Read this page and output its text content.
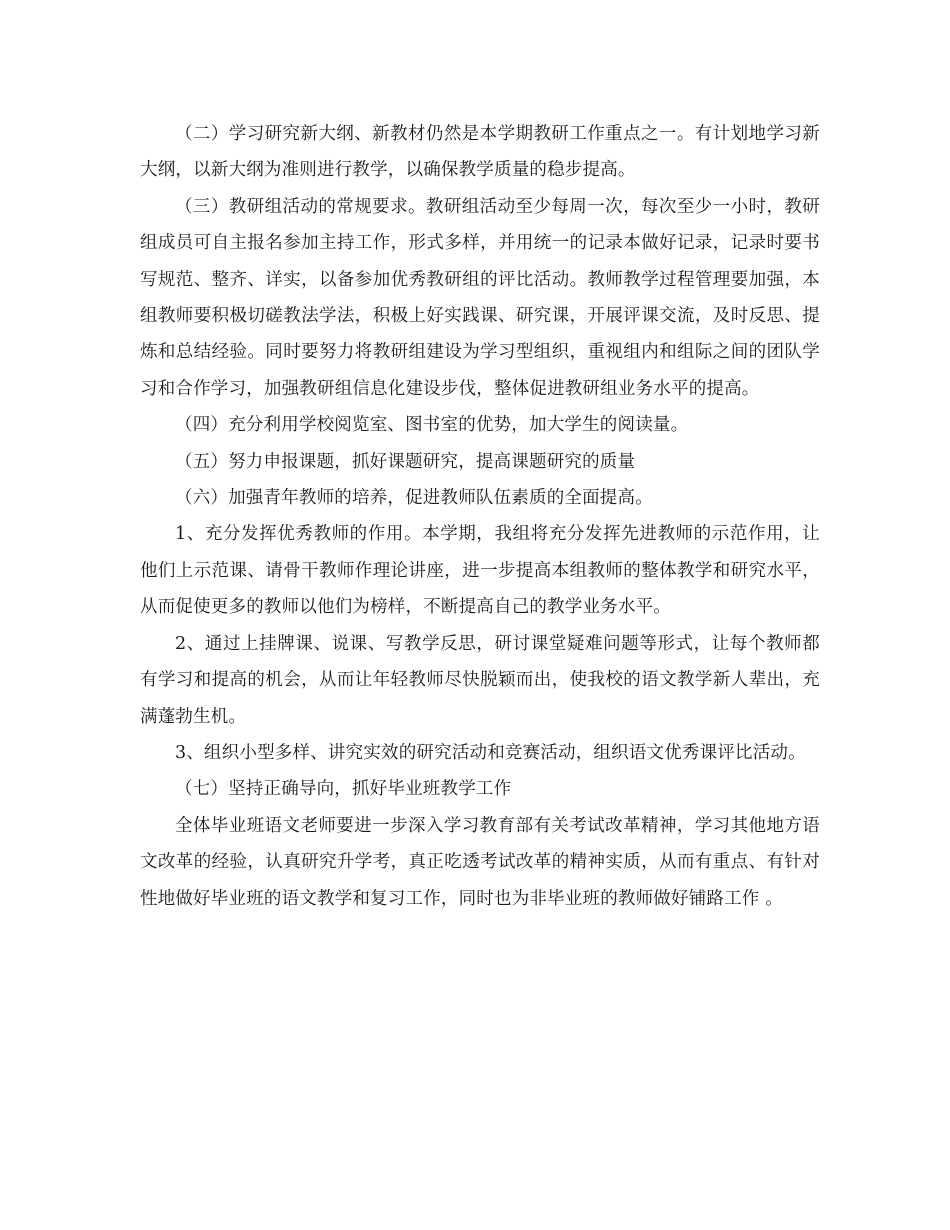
（二）学习研究新大纲、新教材仍然是本学期教研工作重点之一。有计划地学习新大纲，以新大纲为准则进行教学，以确保教学质量的稳步提高。

（三）教研组活动的常规要求。教研组活动至少每周一次，每次至少一小时，教研组成员可自主报名参加主持工作，形式多样，并用统一的记录本做好记录，记录时要书写规范、整齐、详实，以备参加优秀教研组的评比活动。教师教学过程管理要加强，本组教师要积极切磋教法学法，积极上好实践课、研究课，开展评课交流，及时反思、提炼和总结经验。同时要努力将教研组建设为学习型组织，重视组内和组际之间的团队学习和合作学习，加强教研组信息化建设步伐，整体促进教研组业务水平的提高。

（四）充分利用学校阅览室、图书室的优势，加大学生的阅读量。

（五）努力申报课题，抓好课题研究，提高课题研究的质量

（六）加强青年教师的培养，促进教师队伍素质的全面提高。

1、充分发挥优秀教师的作用。本学期，我组将充分发挥先进教师的示范作用，让他们上示范课、请骨干教师作理论讲座，进一步提高本组教师的整体教学和研究水平，从而促使更多的教师以他们为榜样，不断提高自己的教学业务水平。

2、通过上挂牌课、说课、写教学反思，研讨课堂疑难问题等形式，让每个教师都有学习和提高的机会，从而让年轻教师尽快脱颖而出，使我校的语文教学新人辈出，充满蓬勃生机。

3、组织小型多样、讲究实效的研究活动和竞赛活动，组织语文优秀课评比活动。

（七）坚持正确导向，抓好毕业班教学工作

全体毕业班语文老师要进一步深入学习教育部有关考试改革精神，学习其他地方语文改革的经验，认真研究升学考，真正吃透考试改革的精神实质，从而有重点、有针对性地做好毕业班的语文教学和复习工作，同时也为非毕业班的教师做好铺路工作 。
